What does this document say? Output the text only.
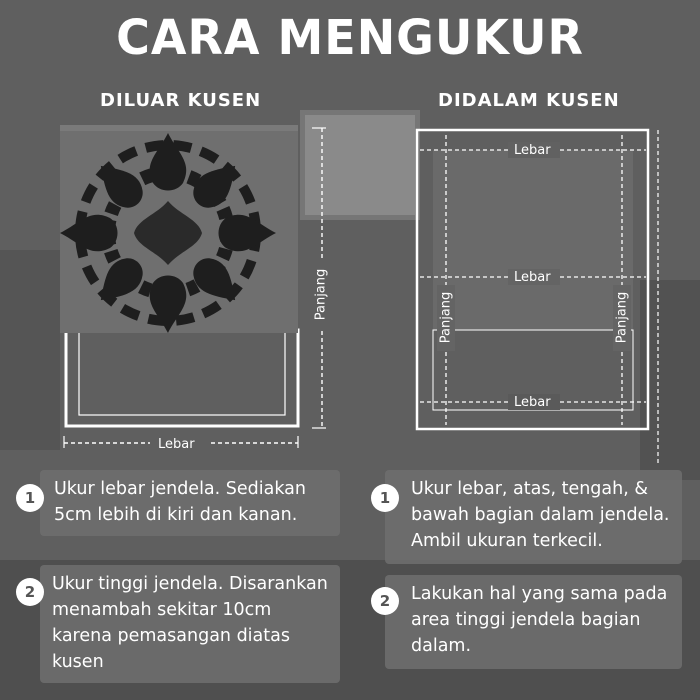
CARA MENGUKUR
DILUAR KUSEN	DIDALAM KUSEN
Lebar
Panjang
Lebar
Lebar
Lebar
Panjang	Panjang
Ukur lebar jendela. Sediakan 5cm lebih di kiri dan kanan.
1
Ukur tinggi jendela. Disarankan menambah sekitar 10cm karena pemasangan diatas kusen
2
Ukur lebar, atas, tengah, & bawah bagian dalam jendela. Ambil ukuran terkecil.
1
Lakukan hal yang sama pada area tinggi jendela bagian dalam.
2
